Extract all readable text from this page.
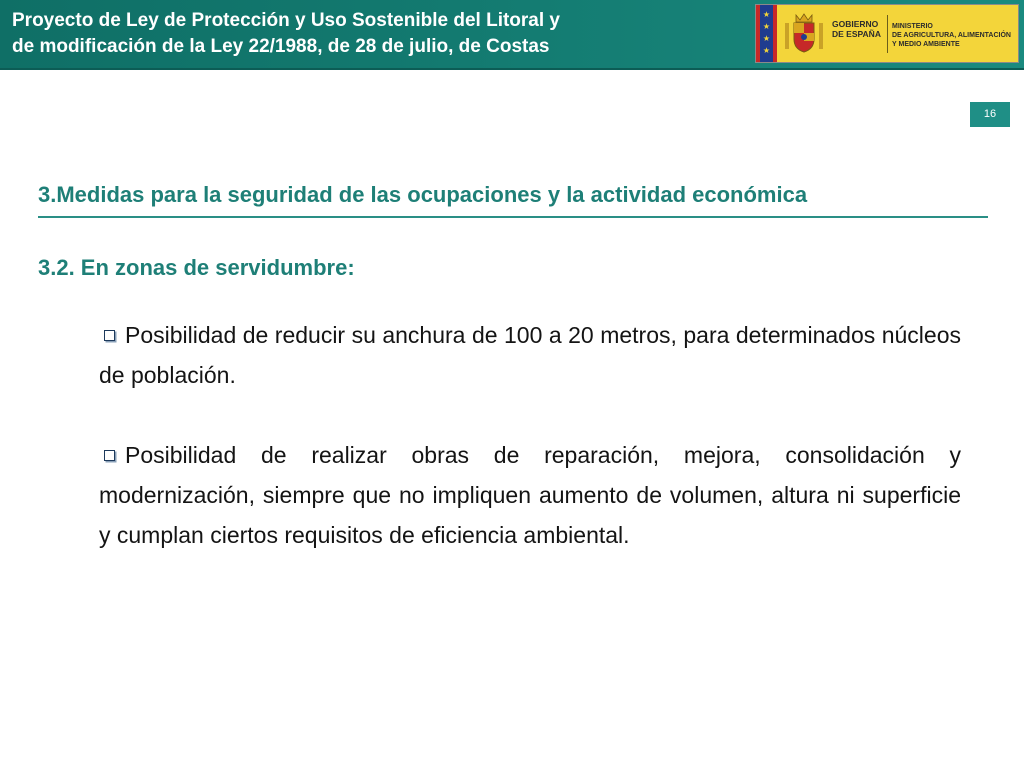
Proyecto de Ley de Protección y Uso Sostenible del Litoral y
de modificación de la Ley 22/1988, de 28 de julio, de Costas
★
★
★
★
GOBIERNO
DE ESPAÑA
MINISTERIO
DE AGRICULTURA, ALIMENTACIÓN
Y MEDIO AMBIENTE
16
3.Medidas para la seguridad de las ocupaciones y la actividad económica
3.2. En zonas de servidumbre:
Posibilidad de reducir su anchura de 100 a 20 metros, para determinados núcleos de población.
Posibilidad de realizar obras de reparación, mejora, consolidación y modernización, siempre que no impliquen aumento de volumen, altura ni superficie y cumplan ciertos requisitos de eficiencia ambiental.
